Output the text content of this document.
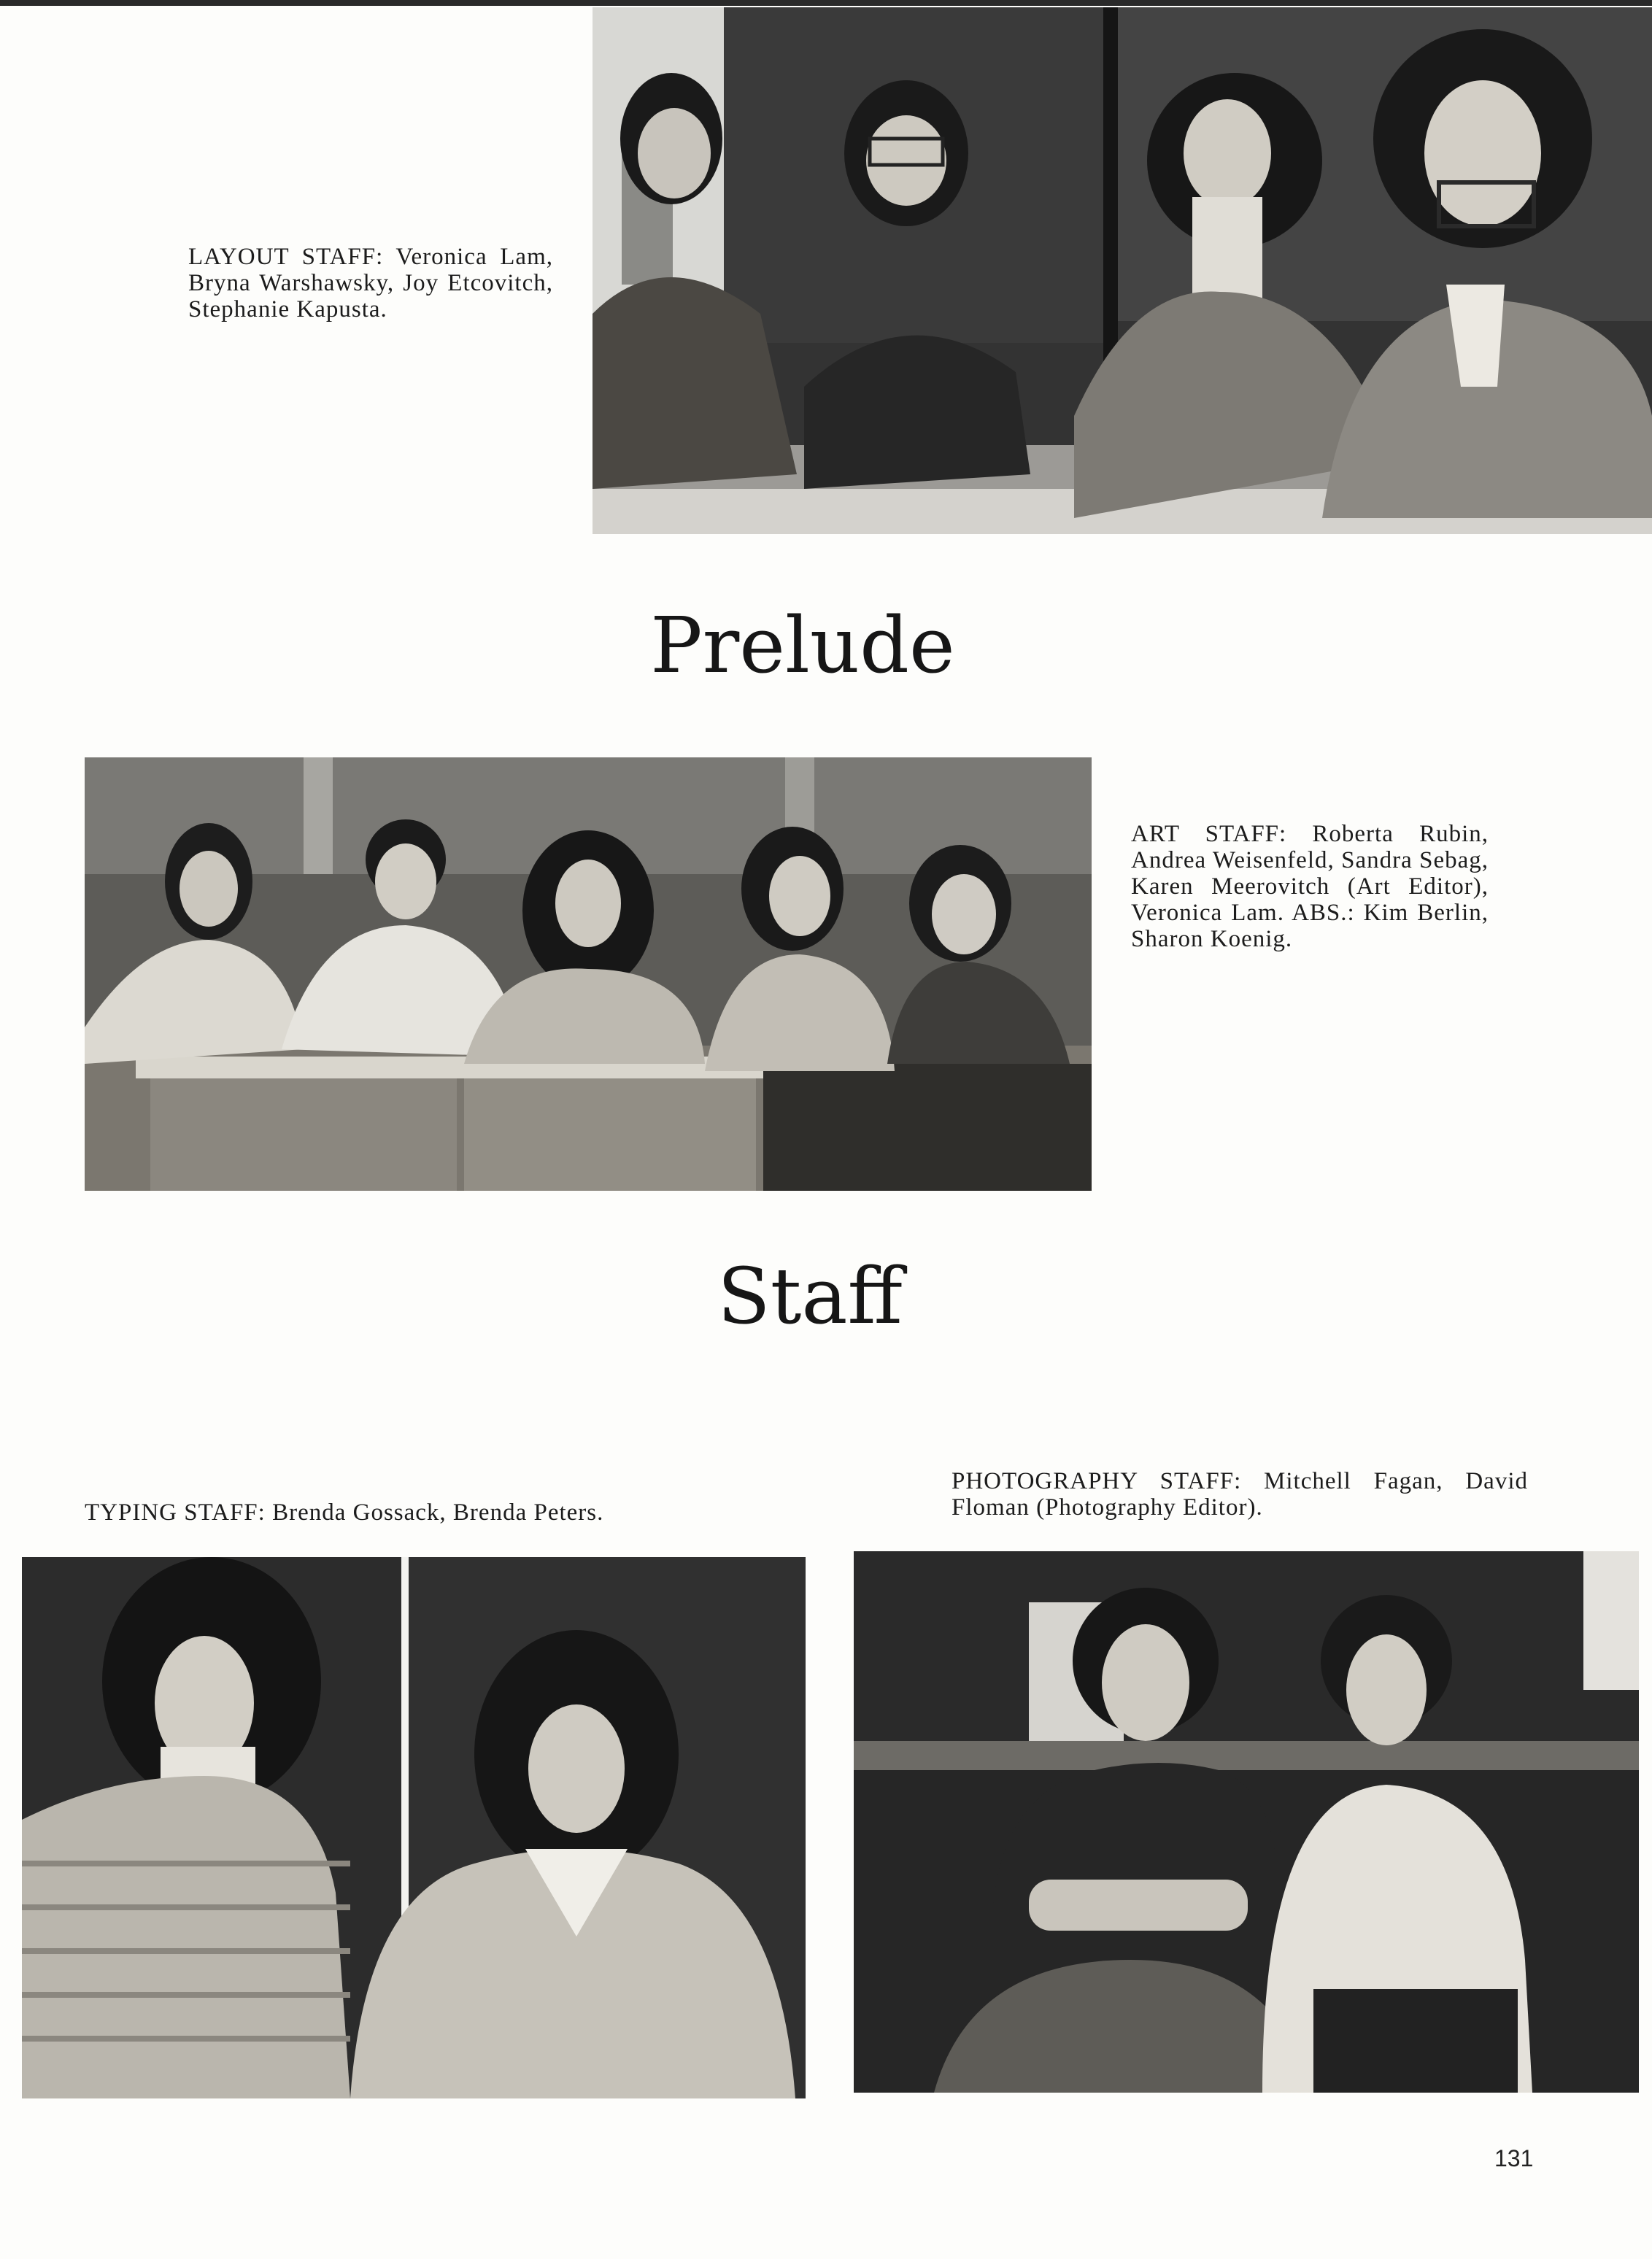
LAYOUT STAFF: Veronica Lam, Bryna Warshawsky, Joy Etcovitch, Stephanie Kapusta.
Prelude
ART STAFF: Roberta Rubin, Andrea Weisenfeld, Sandra Sebag, Karen Meerovitch (Art Editor), Veronica Lam. ABS.: Kim Berlin, Sharon Koenig.
Staff
TYPING STAFF: Brenda Gossack, Brenda Peters.
PHOTOGRAPHY STAFF: Mitchell Fagan, David Floman (Photography Editor).
131
